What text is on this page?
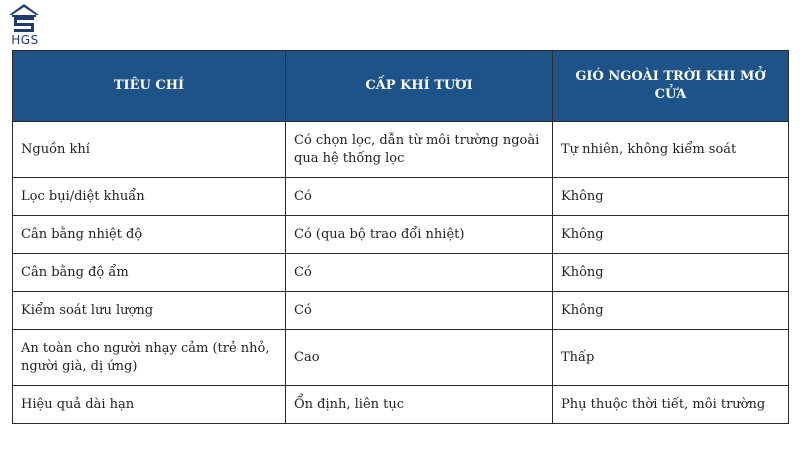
HGS
TIÊU CHÍ	CẤP KHÍ TƯƠI	GIÓ NGOÀI TRỜI KHI MỞ CỬA
Nguồn khí	Có chọn lọc, dẫn từ môi trường ngoài qua hệ thống lọc	Tự nhiên, không kiểm soát
Lọc bụi/diệt khuẩn	Có	Không
Cân bằng nhiệt độ	Có (qua bộ trao đổi nhiệt)	Không
Cân bằng độ ẩm	Có	Không
Kiểm soát lưu lượng	Có	Không
An toàn cho người nhạy cảm (trẻ nhỏ, người già, dị ứng)	Cao	Thấp
Hiệu quả dài hạn	Ổn định, liên tục	Phụ thuộc thời tiết, môi trường
